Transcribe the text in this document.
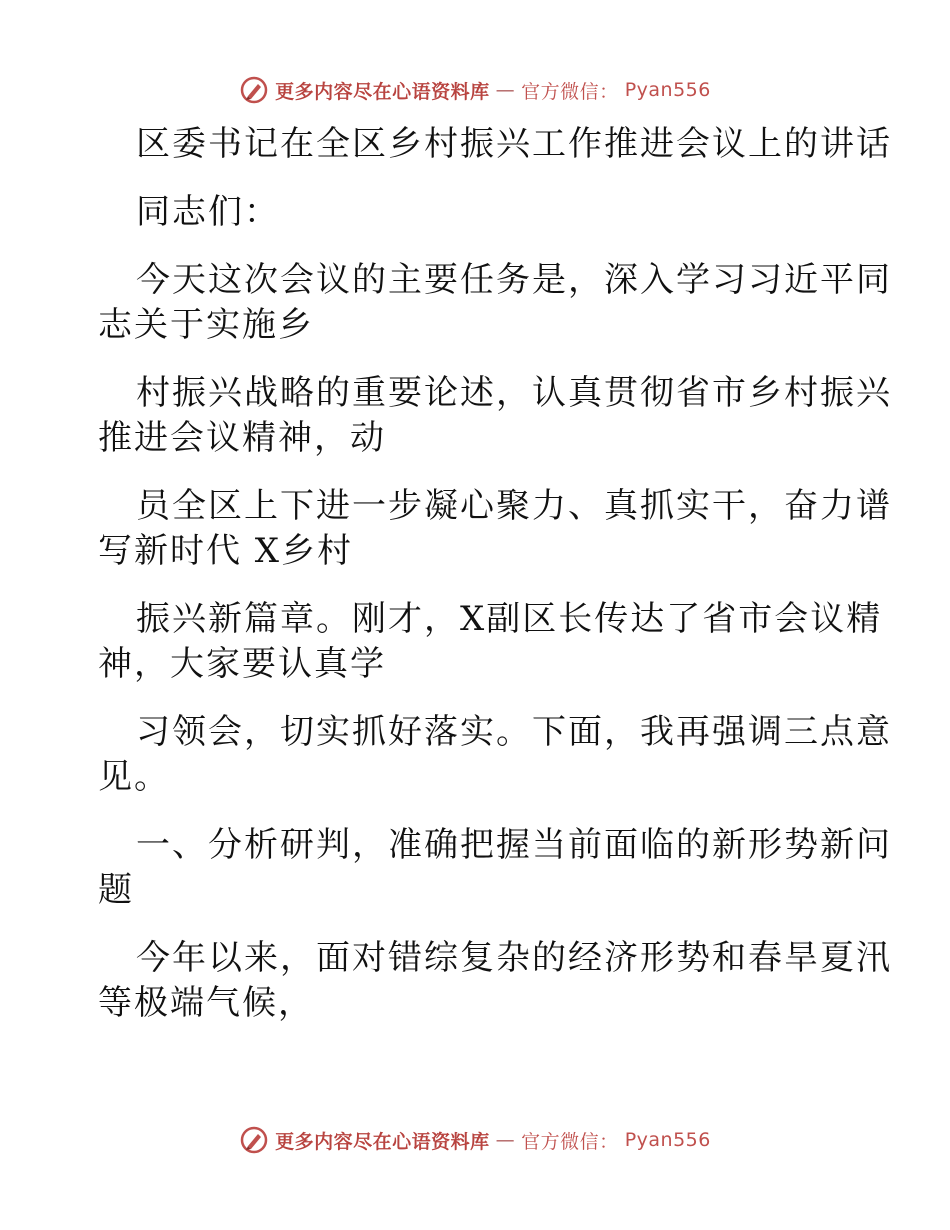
更多内容尽在心语资料库 — 官方微信： Pyan556
区委书记在全区乡村振兴工作推进会议上的讲话
同志们：
今天这次会议的主要任务是，深入学习习近平同
志关于实施乡
村振兴战略的重要论述，认真贯彻省市乡村振兴
推进会议精神，动
员全区上下进一步凝心聚力、真抓实干，奋力谱
写新时代 X乡村
振兴新篇章。刚才，X副区长传达了省市会议精
神，大家要认真学
习领会，切实抓好落实。下面，我再强调三点意
见。
一、分析研判，准确把握当前面临的新形势新问
题
今年以来，面对错综复杂的经济形势和春旱夏汛
等极端气候，
更多内容尽在心语资料库 — 官方微信： Pyan556
